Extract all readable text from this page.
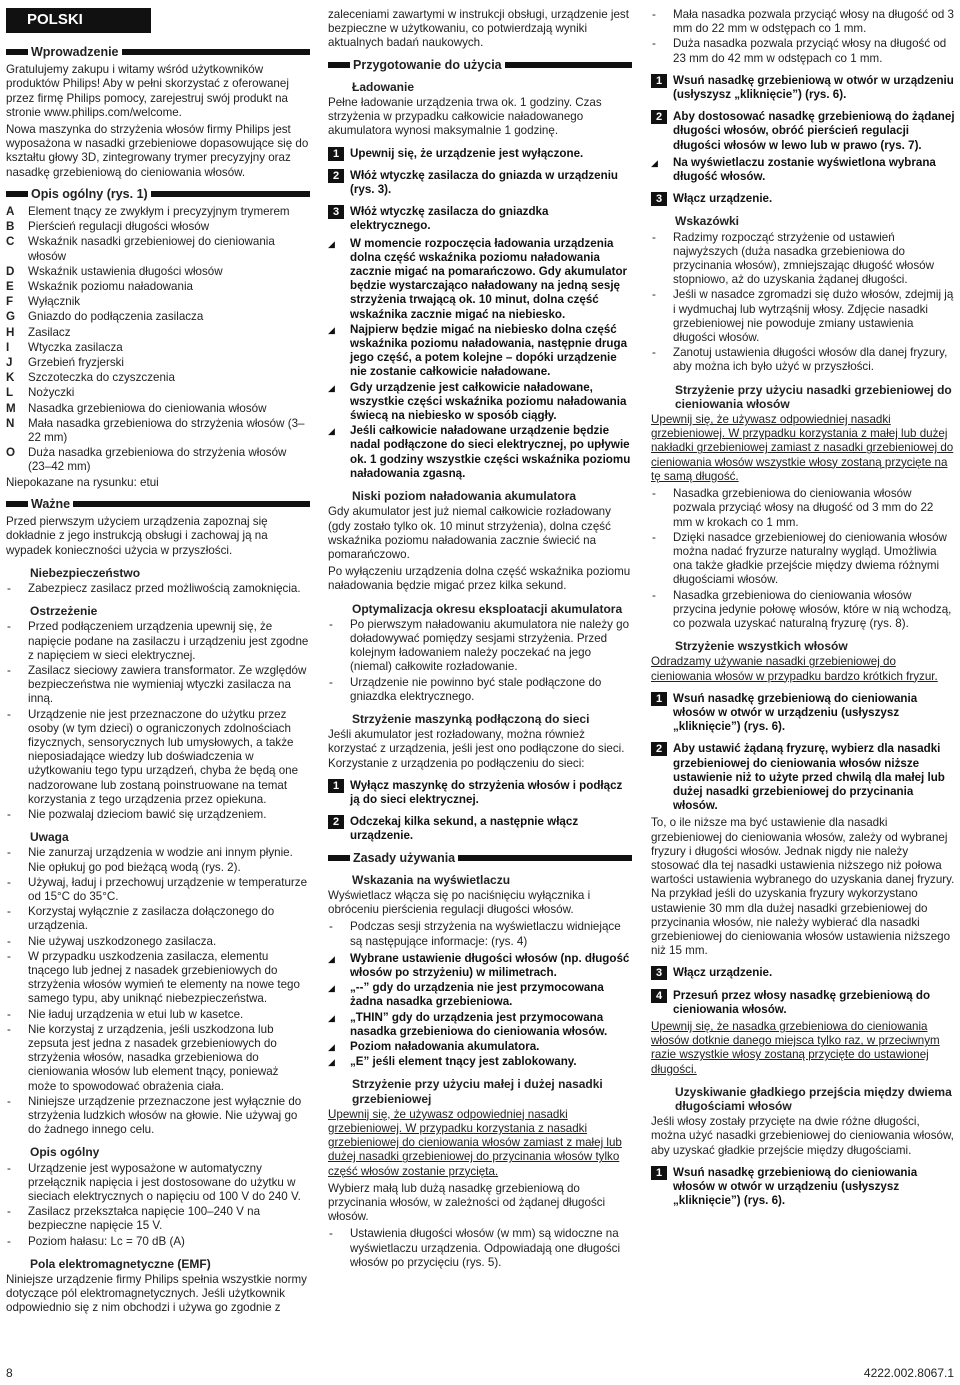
POLSKI
Wprowadzenie

Gratulujemy zakupu i witamy wśród użytkowników produktów Philips! Aby w pełni skorzystać z oferowanej przez firmę Philips pomocy, zarejestruj swój produkt na stronie www.philips.com/welcome.

Nowa maszynka do strzyżenia włosów firmy Philips jest wyposażona w nasadki grzebieniowe dopasowujące się do kształtu głowy 3D, zintegrowany trymer precyzyjny oraz nasadkę grzebieniową do cieniowania włosów.

Opis ogólny (rys. 1)
A	Element tnący ze zwykłym i precyzyjnym trymerem
B	Pierścień regulacji długości włosów
C	Wskaźnik nasadki grzebieniowej do cieniowania włosów
D	Wskaźnik ustawienia długości włosów
E	Wskaźnik poziomu naładowania
F	Wyłącznik
G	Gniazdo do podłączenia zasilacza
H	Zasilacz
I	Wtyczka zasilacza
J	Grzebień fryzjerski
K	Szczoteczka do czyszczenia
L	Nożyczki
M	Nasadka grzebieniowa do cieniowania włosów
N	Mała nasadka grzebieniowa do strzyżenia włosów (3–22 mm)
O	Duża nasadka grzebieniowa do strzyżenia włosów (23–42 mm)

Niepokazane na rysunku: etui

Ważne

Przed pierwszym użyciem urządzenia zapoznaj się dokładnie z jego instrukcją obsługi i zachowaj ją na wypadek konieczności użycia w przyszłości.

Niebezpieczeństwo
- Zabezpiecz zasilacz przed możliwością zamoknięcia.
Ostrzeżenie
- Przed podłączeniem urządzenia upewnij się, że napięcie podane na zasilaczu i urządzeniu jest zgodne z napięciem w sieci elektrycznej.
- Zasilacz sieciowy zawiera transformator. Ze względów bezpieczeństwa nie wymieniaj wtyczki zasilacza na inną.
- Urządzenie nie jest przeznaczone do użytku przez osoby (w tym dzieci) o ograniczonych zdolnościach fizycznych, sensorycznych lub umysłowych, a także nieposiadające wiedzy lub doświadczenia w użytkowaniu tego typu urządzeń, chyba że będą one nadzorowane lub zostaną poinstruowane na temat korzystania z tego urządzenia przez opiekuna.
- Nie pozwalaj dzieciom bawić się urządzeniem.
Uwaga
- Nie zanurzaj urządzenia w wodzie ani innym płynie. Nie opłukuj go pod bieżącą wodą (rys. 2).
- Używaj, ładuj i przechowuj urządzenie w temperaturze od 15°C do 35°C.
- Korzystaj wyłącznie z zasilacza dołączonego do urządzenia.
- Nie używaj uszkodzonego zasilacza.
- W przypadku uszkodzenia zasilacza, elementu tnącego lub jednej z nasadek grzebieniowych do strzyżenia włosów wymień te elementy na nowe tego samego typu, aby uniknąć niebezpieczeństwa.
- Nie ładuj urządzenia w etui lub w kasetce.
- Nie korzystaj z urządzenia, jeśli uszkodzona lub zepsuta jest jedna z nasadek grzebieniowych do strzyżenia włosów, nasadka grzebieniowa do cieniowania włosów lub element tnący, ponieważ może to spowodować obrażenia ciała.
- Niniejsze urządzenie przeznaczone jest wyłącznie do strzyżenia ludzkich włosów na głowie. Nie używaj go do żadnego innego celu.
Opis ogólny
- Urządzenie jest wyposażone w automatyczny przełącznik napięcia i jest dostosowane do użytku w sieciach elektrycznych o napięciu od 100 V do 240 V.
- Zasilacz przekształca napięcie 100–240 V na bezpieczne napięcie 15 V.
- Poziom hałasu: Lc = 70 dB (A)
Pola elektromagnetyczne (EMF)

Niniejsze urządzenie firmy Philips spełnia wszystkie normy dotyczące pól elektromagnetycznych. Jeśli użytkownik odpowiednio się z nim obchodzi i używa go zgodnie z

zaleceniami zawartymi w instrukcji obsługi, urządzenie jest bezpieczne w użytkowaniu, co potwierdzają wyniki aktualnych badań naukowych.

Przygotowanie do użycia
Ładowanie

Pełne ładowanie urządzenia trwa ok. 1 godziny. Czas strzyżenia w przypadku całkowicie naładowanego akumulatora wynosi maksymalnie 1 godzinę.

1 Upewnij się, że urządzenie jest wyłączone.
2 Włóż wtyczkę zasilacza do gniazda w urządzeniu (rys. 3).
3 Włóż wtyczkę zasilacza do gniazdka elektrycznego.
◢ W momencie rozpoczęcia ładowania urządzenia dolna część wskaźnika poziomu naładowania zacznie migać na pomarańczowo. Gdy akumulator będzie wystarczająco naładowany na jedną sesję strzyżenia trwającą ok. 10 minut, dolna część wskaźnika zacznie migać na niebiesko.
◢ Najpierw będzie migać na niebiesko dolna część wskaźnika poziomu naładowania, następnie druga jego część, a potem kolejne – dopóki urządzenie nie zostanie całkowicie naładowane.
◢ Gdy urządzenie jest całkowicie naładowane, wszystkie części wskaźnika poziomu naładowania świecą na niebiesko w sposób ciągły.
◢ Jeśli całkowicie naładowane urządzenie będzie nadal podłączone do sieci elektrycznej, po upływie ok. 1 godziny wszystkie części wskaźnika poziomu naładowania zgasną.
Niski poziom naładowania akumulatora

Gdy akumulator jest już niemal całkowicie rozładowany (gdy zostało tylko ok. 10 minut strzyżenia), dolna część wskaźnika poziomu naładowania zacznie świecić na pomarańczowo.

Po wyłączeniu urządzenia dolna część wskaźnika poziomu naładowania będzie migać przez kilka sekund.

Optymalizacja okresu eksploatacji akumulatora
- Po pierwszym naładowaniu akumulatora nie należy go doładowywać pomiędzy sesjami strzyżenia. Przed kolejnym ładowaniem należy poczekać na jego (niemal) całkowite rozładowanie.
- Urządzenie nie powinno być stale podłączone do gniazdka elektrycznego.
Strzyżenie maszynką podłączoną do sieci

Jeśli akumulator jest rozładowany, można również korzystać z urządzenia, jeśli jest ono podłączone do sieci. Korzystanie z urządzenia po podłączeniu do sieci:

1 Wyłącz maszynkę do strzyżenia włosów i podłącz ją do sieci elektrycznej.
2 Odczekaj kilka sekund, a następnie włącz urządzenie.
Zasady używania
Wskazania na wyświetlaczu

Wyświetlacz włącza się po naciśnięciu wyłącznika i obróceniu pierścienia regulacji długości włosów.

- Podczas sesji strzyżenia na wyświetlaczu widniejące są następujące informacje: (rys. 4)
◢ Wybrane ustawienie długości włosów (np. długość włosów po strzyżeniu) w milimetrach.
◢ „--” gdy do urządzenia nie jest przymocowana żadna nasadka grzebieniowa.
◢ „THIN” gdy do urządzenia jest przymocowana nasadka grzebieniowa do cieniowania włosów.
◢ Poziom naładowania akumulatora.
◢ „E” jeśli element tnący jest zablokowany.
Strzyżenie przy użyciu małej i dużej nasadki grzebieniowej

Upewnij się, że używasz odpowiedniej nasadki grzebieniowej. W przypadku korzystania z nasadki grzebieniowej do cieniowania włosów zamiast z małej lub dużej nasadki grzebieniowej do przycinania włosów tylko część włosów zostanie przycięta.

Wybierz małą lub dużą nasadkę grzebieniową do przycinania włosów, w zależności od żądanej długości włosów.

- Ustawienia długości włosów (w mm) są widoczne na wyświetlaczu urządzenia. Odpowiadają one długości włosów po przycięciu (rys. 5).
- Mała nasadka pozwala przyciąć włosy na długość od 3 mm do 22 mm w odstępach co 1 mm.
- Duża nasadka pozwala przyciąć włosy na długość od 23 mm do 42 mm w odstępach co 1 mm.
1 Wsuń nasadkę grzebieniową w otwór w urządzeniu (usłyszysz „kliknięcie”) (rys. 6).
2 Aby dostosować nasadkę grzebieniową do żądanej długości włosów, obróć pierścień regulacji długości włosów w lewo lub w prawo (rys. 7).
◢ Na wyświetlaczu zostanie wyświetlona wybrana długość włosów.
3 Włącz urządzenie.
Wskazówki
- Radzimy rozpocząć strzyżenie od ustawień najwyższych (duża nasadka grzebieniowa do przycinania włosów), zmniejszając długość włosów stopniowo, aż do uzyskania żądanej długości.
- Jeśli w nasadce zgromadzi się dużo włosów, zdejmij ją i wydmuchaj lub wytrząśnij włosy. Zdjęcie nasadki grzebieniowej nie powoduje zmiany ustawienia długości włosów.
- Zanotuj ustawienia długości włosów dla danej fryzury, aby można ich było użyć w przyszłości.
Strzyżenie przy użyciu nasadki grzebieniowej do cieniowania włosów

Upewnij się, że używasz odpowiedniej nasadki grzebieniowej. W przypadku korzystania z małej lub dużej nakładki grzebieniowej zamiast z nasadki grzebieniowej do cieniowania włosów wszystkie włosy zostaną przycięte na tę samą długość.

- Nasadka grzebieniowa do cieniowania włosów pozwala przyciąć włosy na długość od 3 mm do 22 mm w krokach co 1 mm.
- Dzięki nasadce grzebieniowej do cieniowania włosów można nadać fryzurze naturalny wygląd. Umożliwia ona także gładkie przejście między dwiema różnymi długościami włosów.
- Nasadka grzebieniowa do cieniowania włosów przycina jedynie połowę włosów, które w nią wchodzą, co pozwala uzyskać naturalną fryzurę (rys. 8).
Strzyżenie wszystkich włosów

Odradzamy używanie nasadki grzebieniowej do cieniowania włosów w przypadku bardzo krótkich fryzur.

1 Wsuń nasadkę grzebieniową do cieniowania włosów w otwór w urządzeniu (usłyszysz „kliknięcie”) (rys. 6).
2 Aby ustawić żądaną fryzurę, wybierz dla nasadki grzebieniowej do cieniowania włosów niższe ustawienie niż to użyte przed chwilą dla małej lub dużej nasadki grzebieniowej do przycinania włosów.

To, o ile niższe ma być ustawienie dla nasadki grzebieniowej do cieniowania włosów, zależy od wybranej fryzury i długości włosów. Jednak nigdy nie należy stosować dla tej nasadki ustawienia niższego niż połowa wartości ustawienia wybranego do uzyskania danej fryzury. Na przykład jeśli do uzyskania fryzury wykorzystano ustawienie 30 mm dla dużej nasadki grzebieniowej do przycinania włosów, nie należy wybierać dla nasadki grzebieniowej do cieniowania włosów ustawienia niższego niż 15 mm.

3 Włącz urządzenie.
4 Przesuń przez włosy nasadkę grzebieniową do cieniowania włosów.

Upewnij się, że nasadka grzebieniowa do cieniowania włosów dotknie danego miejsca tylko raz, w przeciwnym razie wszystkie włosy zostaną przycięte do ustawionej długości.

Uzyskiwanie gładkiego przejścia między dwiema długościami włosów

Jeśli włosy zostały przycięte na dwie różne długości, można użyć nasadki grzebieniowej do cieniowania włosów, aby uzyskać gładkie przejście między długościami.

1 Wsuń nasadkę grzebieniową do cieniowania włosów w otwór w urządzeniu (usłyszysz „kliknięcie”) (rys. 6).
8	4222.002.8067.1
